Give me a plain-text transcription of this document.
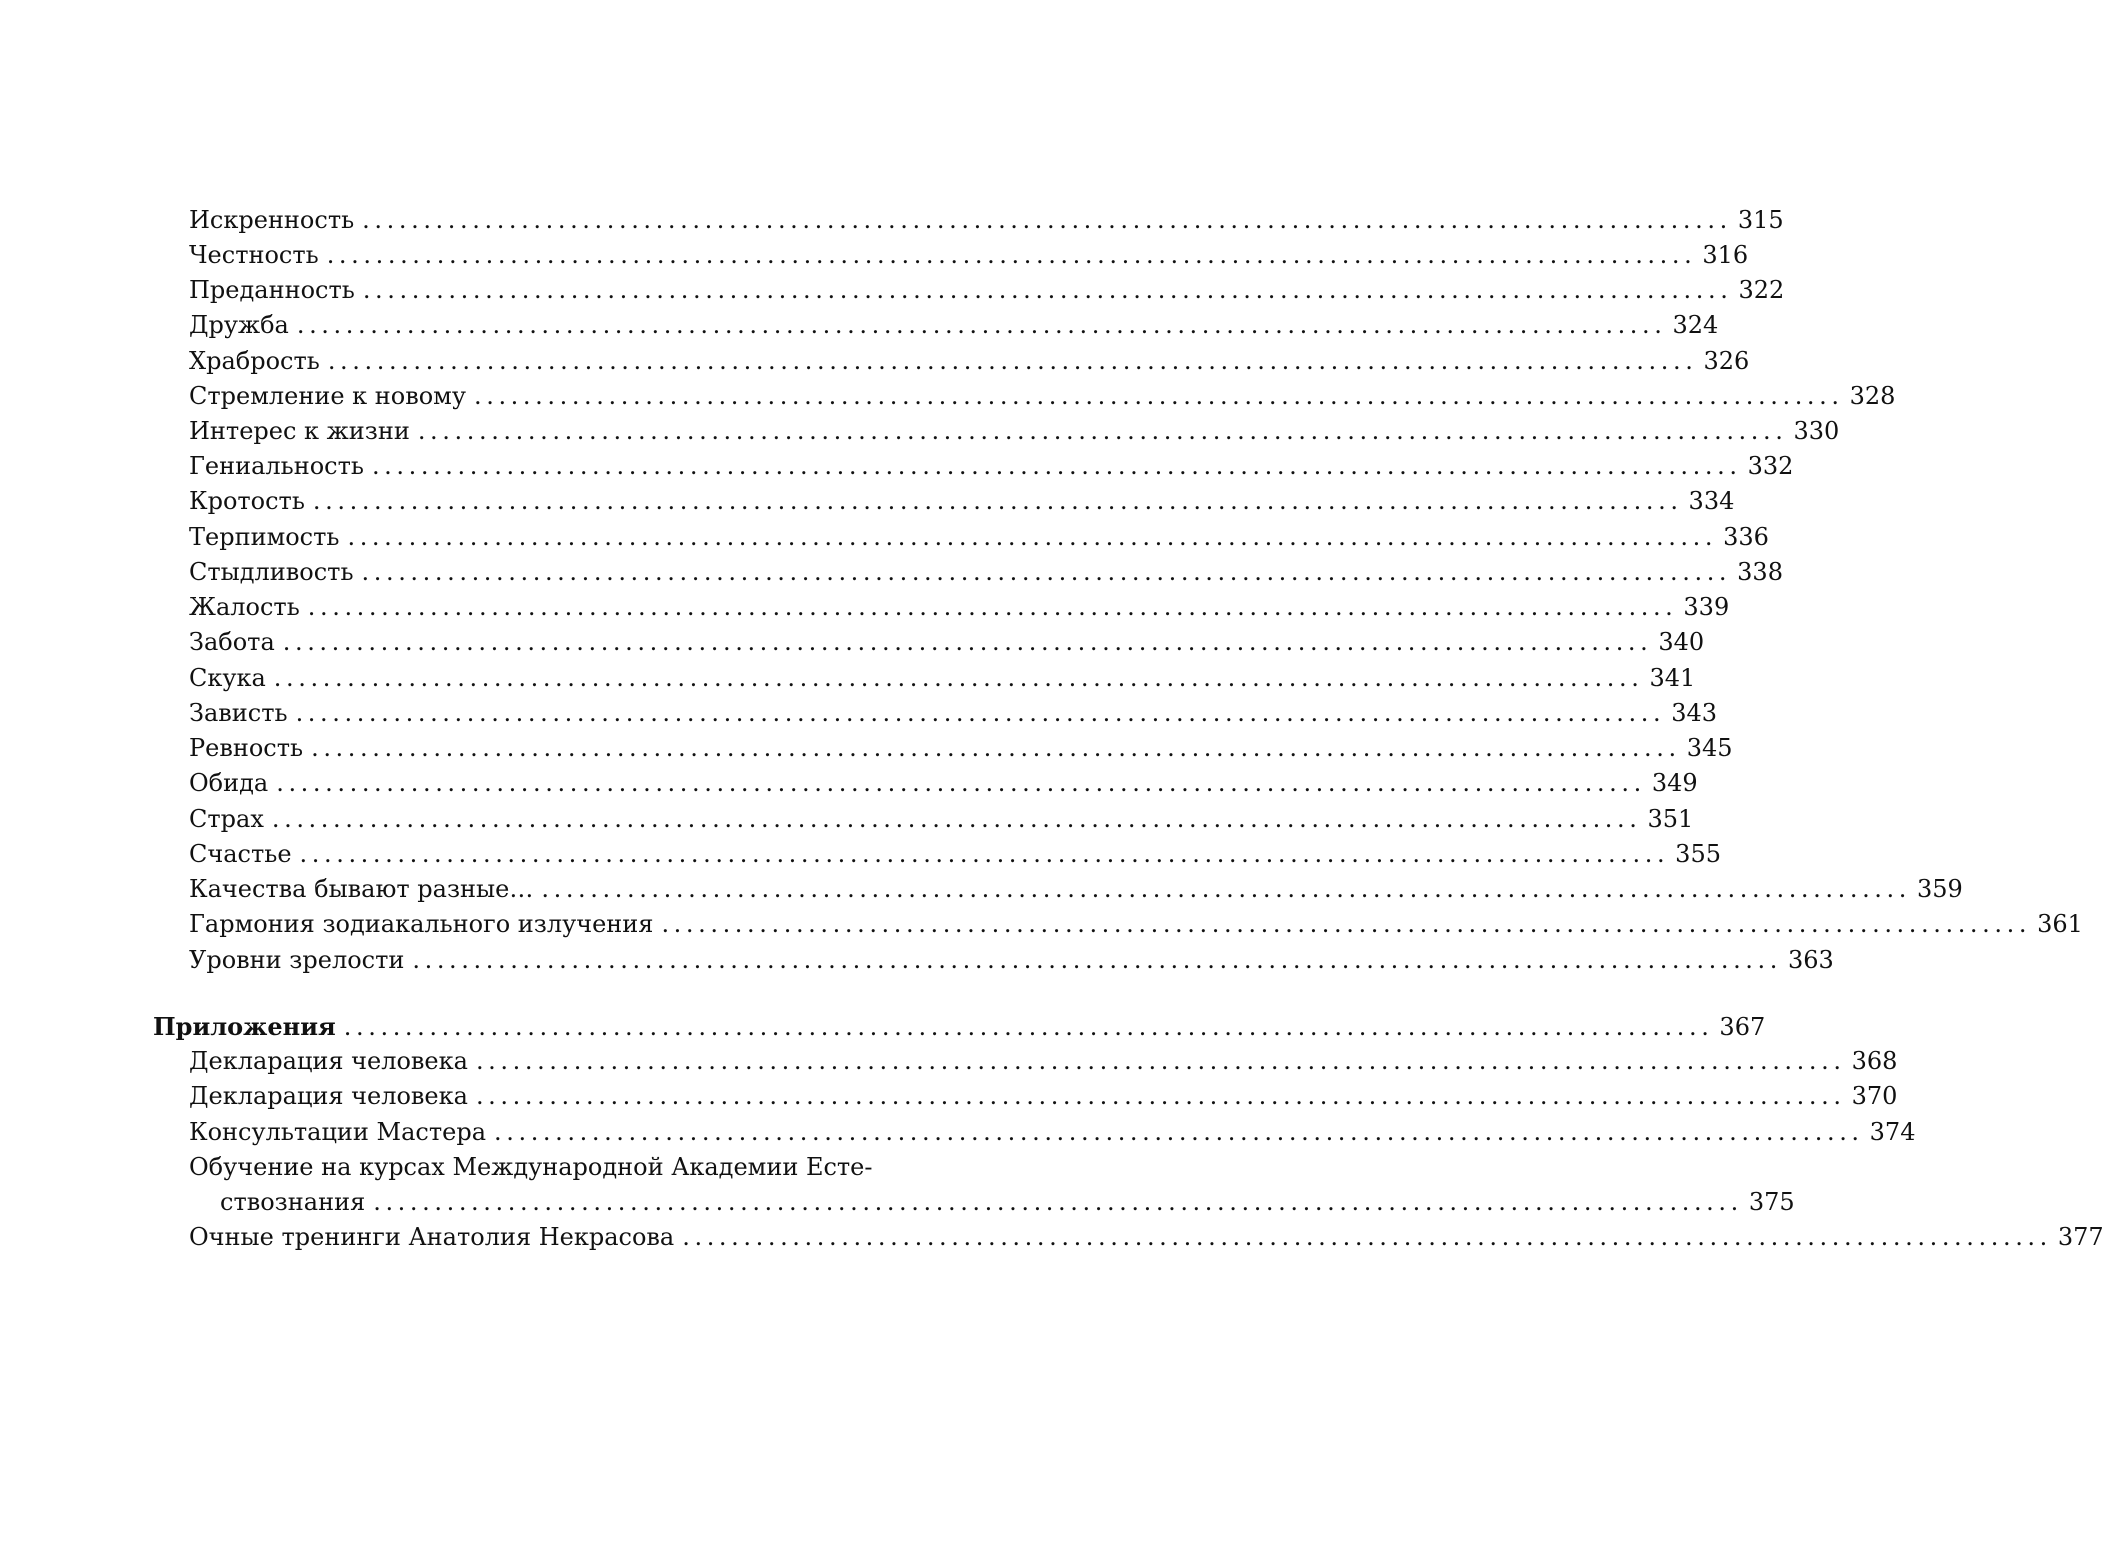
Искренность ................................................................................................................ 315
Честность ................................................................................................................ 316
Преданность ................................................................................................................ 322
Дружба ................................................................................................................ 324
Храбрость ................................................................................................................ 326
Стремление к новому ................................................................................................................ 328
Интерес к жизни ................................................................................................................ 330
Гениальность ................................................................................................................ 332
Кротость ................................................................................................................ 334
Терпимость ................................................................................................................ 336
Стыдливость ................................................................................................................ 338
Жалость ................................................................................................................ 339
Забота ................................................................................................................ 340
Скука ................................................................................................................ 341
Зависть ................................................................................................................ 343
Ревность ................................................................................................................ 345
Обида ................................................................................................................ 349
Страх ................................................................................................................ 351
Счастье ................................................................................................................ 355
Качества бывают разные… ................................................................................................................ 359
Гармония зодиакального излучения ................................................................................................................ 361
Уровни зрелости ................................................................................................................ 363
Приложения ................................................................................................................ 367
Декларация человека ................................................................................................................ 368
Декларация человека ................................................................................................................ 370
Консультации Мастера ................................................................................................................ 374
Обучение на курсах Международной Академии Есте-
ствознания ................................................................................................................ 375
Очные тренинги Анатолия Некрасова ................................................................................................................ 377
